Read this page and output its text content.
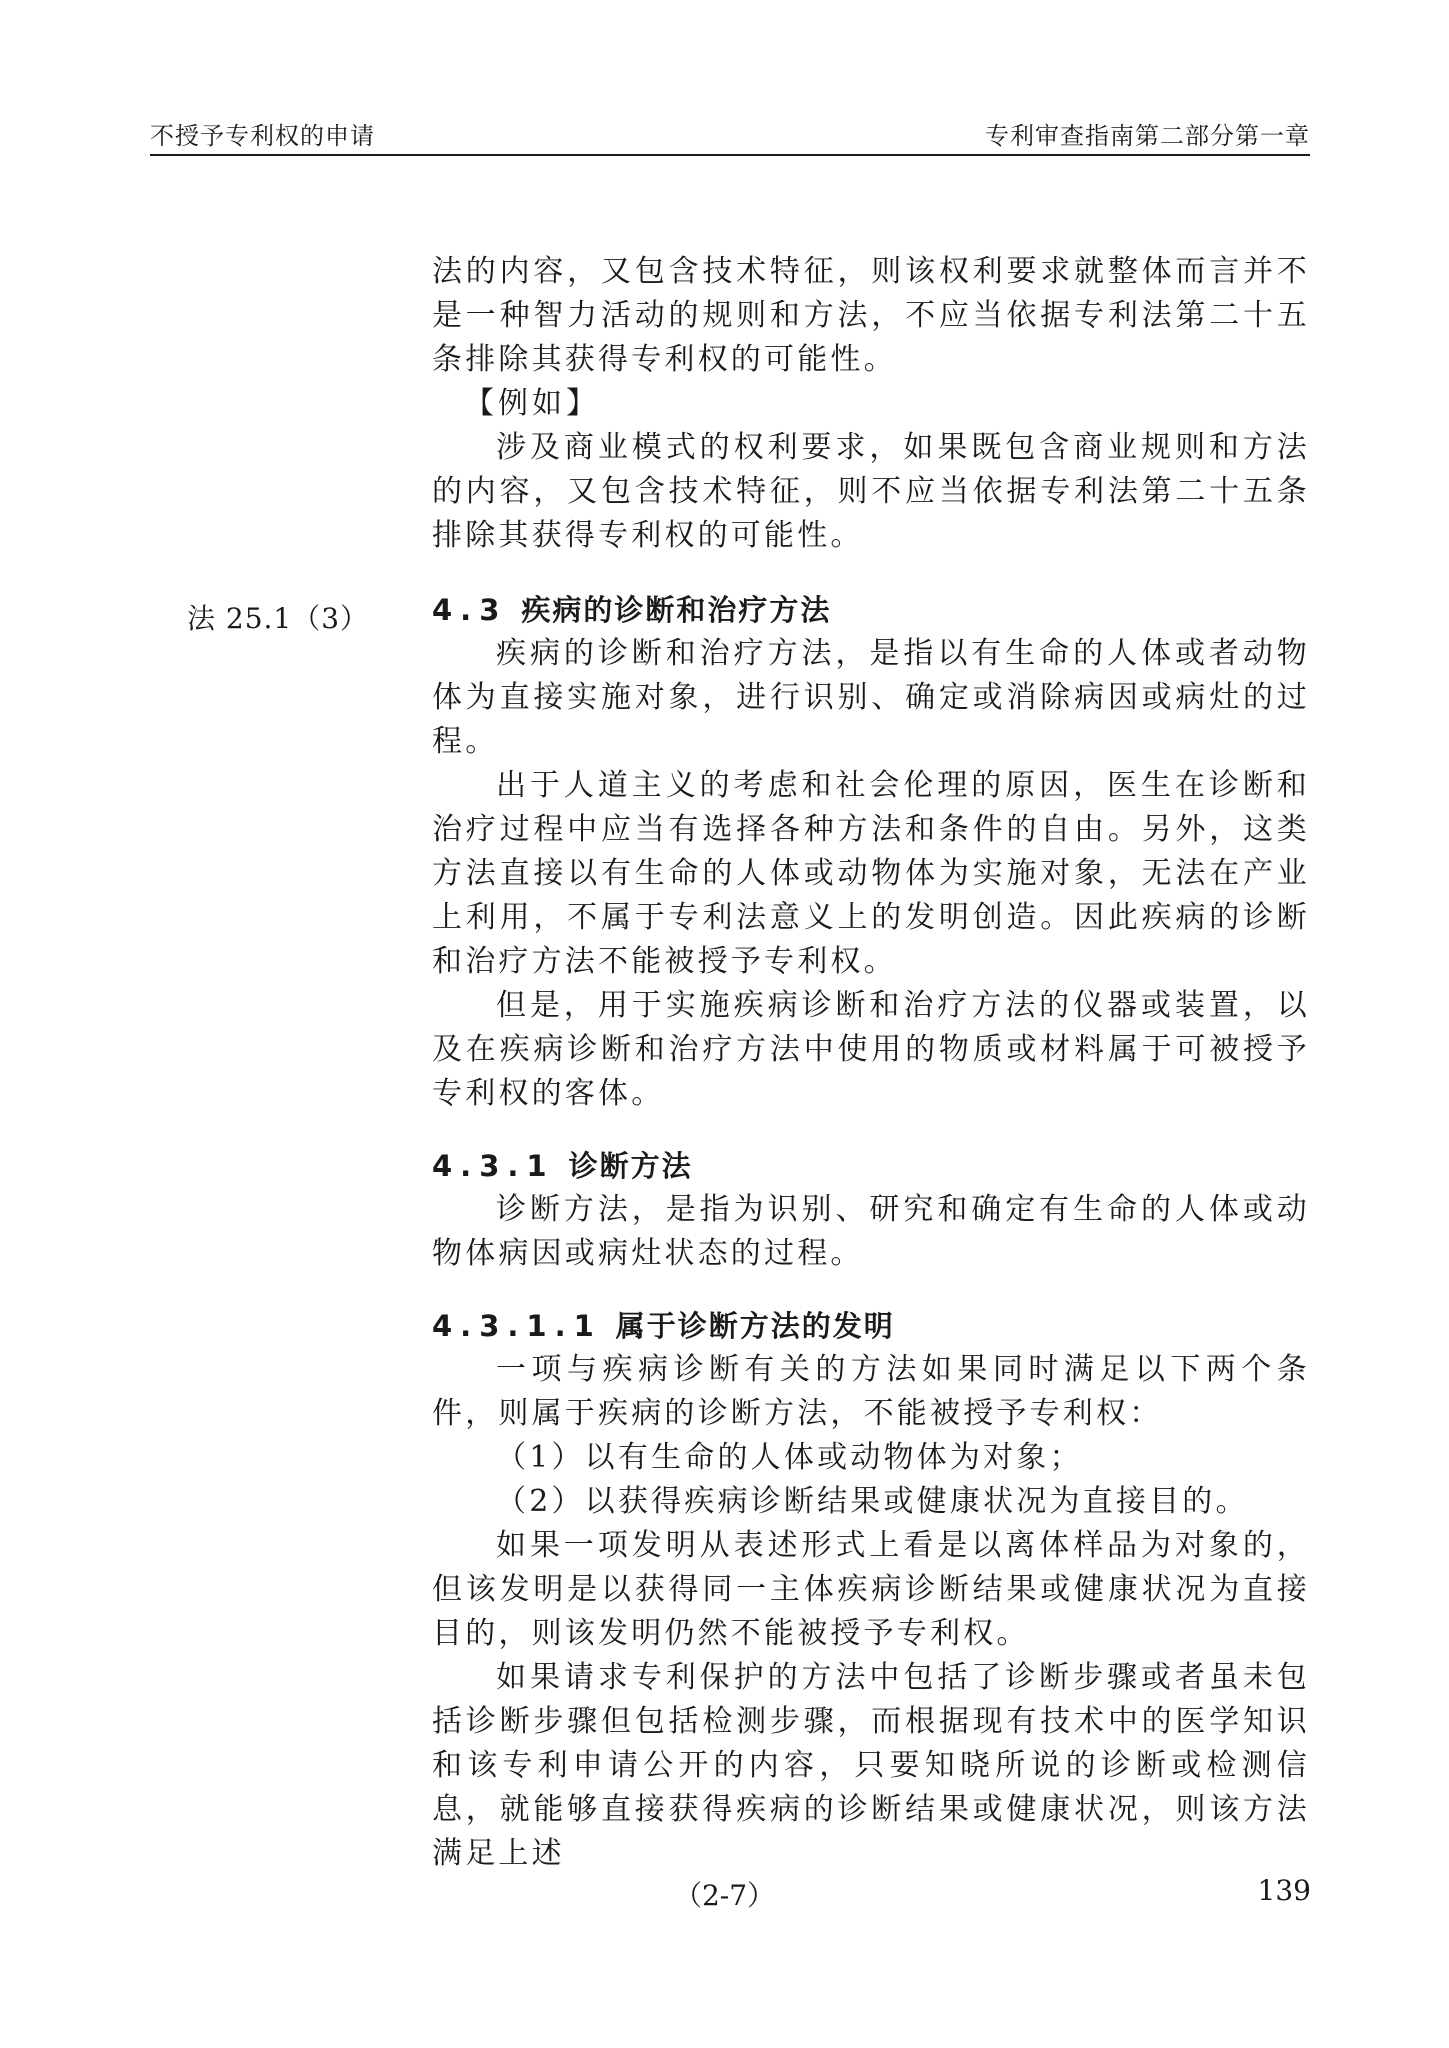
不授予专利权的申请	专利审查指南第二部分第一章
法 25.1（3）

法的内容，又包含技术特征，则该权利要求就整体而言并不是一种智力活动的规则和方法，不应当依据专利法第二十五条排除其获得专利权的可能性。

【例如】

涉及商业模式的权利要求，如果既包含商业规则和方法的内容，又包含技术特征，则不应当依据专利法第二十五条排除其获得专利权的可能性。

4.3 疾病的诊断和治疗方法

疾病的诊断和治疗方法，是指以有生命的人体或者动物体为直接实施对象，进行识别、确定或消除病因或病灶的过程。

出于人道主义的考虑和社会伦理的原因，医生在诊断和治疗过程中应当有选择各种方法和条件的自由。另外，这类方法直接以有生命的人体或动物体为实施对象，无法在产业上利用，不属于专利法意义上的发明创造。因此疾病的诊断和治疗方法不能被授予专利权。

但是，用于实施疾病诊断和治疗方法的仪器或装置，以及在疾病诊断和治疗方法中使用的物质或材料属于可被授予专利权的客体。

4.3.1 诊断方法

诊断方法，是指为识别、研究和确定有生命的人体或动物体病因或病灶状态的过程。

4.3.1.1 属于诊断方法的发明

一项与疾病诊断有关的方法如果同时满足以下两个条件，则属于疾病的诊断方法，不能被授予专利权：

（1）以有生命的人体或动物体为对象；

（2）以获得疾病诊断结果或健康状况为直接目的。

如果一项发明从表述形式上看是以离体样品为对象的，但该发明是以获得同一主体疾病诊断结果或健康状况为直接目的，则该发明仍然不能被授予专利权。

如果请求专利保护的方法中包括了诊断步骤或者虽未包括诊断步骤但包括检测步骤，而根据现有技术中的医学知识和该专利申请公开的内容，只要知晓所说的诊断或检测信息，就能够直接获得疾病的诊断结果或健康状况，则该方法满足上述

（2-7）	139
